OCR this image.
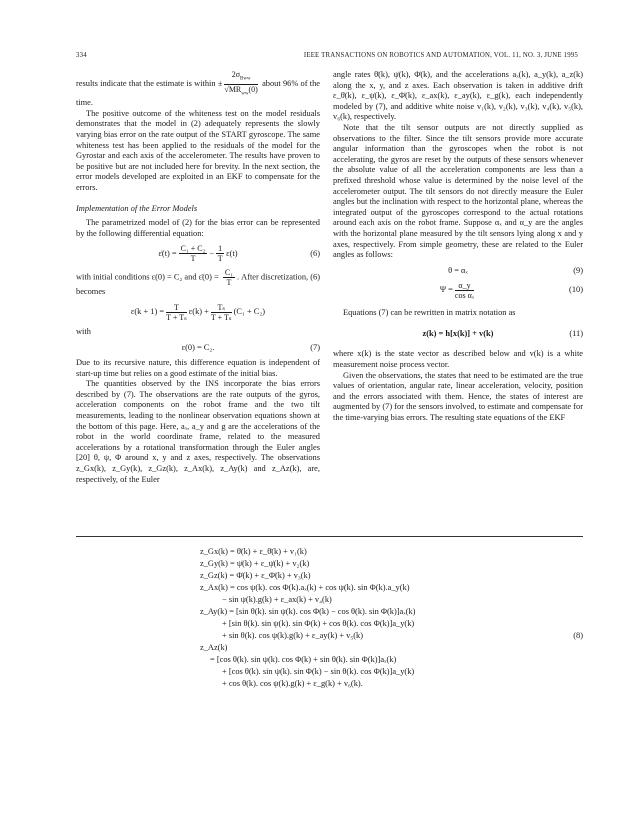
334	IEEE TRANSACTIONS ON ROBOTICS AND AUTOMATION, VOL. 11, NO. 3, JUNE 1995

results indicate that the estimate is within ± $\frac{2\sigma_{Bww}}{√MR_{ww}(0)}$ about 96% of the time.

The positive outcome of the whiteness test on the model residuals demonstrates that the model in (2) adequately represents the slowly varying bias error on the rate output of the START gyroscope. The same whiteness test has been applied to the residuals of the model for the Gyrostar and each axis of the accelerometer. The results have proven to be positive but are not included here for brevity. In the next section, the error models developed are exploited in an EKF to compensate for the errors.

Implementation of the Error Models

The parametrized model of (2) for the bias error can be represented by the following differential equation:

ε̇(t) = $\frac{\text{C₁ + C₂}}{T} - \frac{1}{T} \varepsilon(t)$	(6)

with initial conditions ε(0) = C₂ and ε̇(0) = $\frac{\text{C₁}}{T}$ . After discretization, (6) becomes

$\varepsilon(k + 1) = \frac{T}{\text{T + Tₛ}} \varepsilon(k) + \frac{\text{Tₛ}}{\text{T + Tₛ}} (C_1 + C_2)$

with

ε(0) = C₂.	(7)

Due to its recursive nature, this difference equation is independent of start-up time but relies on a good estimate of the initial bias.

The quantities observed by the INS incorporate the bias errors described by (7). The observations are the rate outputs of the gyros, acceleration components on the robot frame and the two tilt measurements, leading to the nonlinear observation equations shown at the bottom of this page. Here, aₓ, a_y and g are the accelerations of the robot in the world coordinate frame, related to the measured accelerations by a rotational transformation through the Euler angles [20] θ, ψ, Φ around x, y and z axes, respectively. The observations z_Gx(k), z_Gy(k), z_Gz(k), z_Ax(k), z_Ay(k) and z_Az(k), are, respectively, of the Euler

angle rates θ̇(k), ψ̇(k), Φ̇(k), and the accelerations aₓ(k), a_y(k), a_z(k) along the x, y, and z axes. Each observation is taken in additive drift ε_θ̇(k), ε_ψ̇(k), ε_Φ̇(k), ε_ax(k), ε_ay(k), ε_g(k), each independently modeled by (7), and additive white noise v₁(k), v₂(k), v₃(k), v₄(k), v₅(k), v₆(k), respectively.

Note that the tilt sensor outputs are not directly supplied as observations to the filter. Since the tilt sensors provide more accurate angular information than the gyroscopes when the robot is not accelerating, the gyros are reset by the outputs of these sensors whenever the absolute value of all the acceleration components are less than a prefixed threshold whose value is determined by the noise level of the accelerometer output. The tilt sensors do not directly measure the Euler angles but the inclination with respect to the horizontal plane, whereas the integrated output of the gyroscopes correspond to the actual rotations around each axis on the robot frame. Suppose αₓ and α_y are the angles with the horizontal plane measured by the tilt sensors lying along x and y axes, respectively. From simple geometry, these are related to the Euler angles as follows:

θ = αₓ	(9)
$\Psi = \frac{\alpha\_y}{\text{cos αₓ}}$	(10)

Equations (7) can be rewritten in matrix notation as

z(k) = h[x(k)] + v(k)	(11)

where x(k) is the state vector as described below and v(k) is a white measurement noise process vector.

Given the observations, the states that need to be estimated are the true values of orientation, angular rate, linear acceleration, velocity, position and the errors associated with them. Hence, the states of interest are augmented by (7) for the sensors involved, to estimate and compensate for the time-varying bias errors. The resulting state equations of the EKF

z_Gx(k) = θ̇(k) + ε_θ̇(k) + v₁(k)
z_Gy(k) = ψ̇(k) + ε_ψ̇(k) + v₂(k)
z_Gz(k) = Φ̇(k) + ε_Φ̇(k) + v₃(k)
z_Ax(k) = cos ψ(k). cos Φ(k).aₓ(k) + cos ψ(k). sin Φ(k).a_y(k)
− sin ψ(k).g(k) + ε_ax(k) + v₄(k)
z_Ay(k) = [sin θ(k). sin ψ(k). cos Φ(k) − cos θ(k). sin Φ(k)]aₓ(k)
+ [sin θ(k). sin ψ(k). sin Φ(k) + cos θ(k). cos Φ(k)]a_y(k)
+ sin θ(k). cos ψ(k).g(k) + ε_ay(k) + v₅(k)
z_Az(k)
= [cos θ(k). sin ψ(k). cos Φ(k) + sin θ(k). sin Φ(k)]aₓ(k)
+ [cos θ(k). sin ψ(k). sin Φ(k) − sin θ(k). cos Φ(k)]a_y(k)
+ cos θ(k). cos ψ(k).g(k) + ε_g(k) + v₆(k).
(8)
